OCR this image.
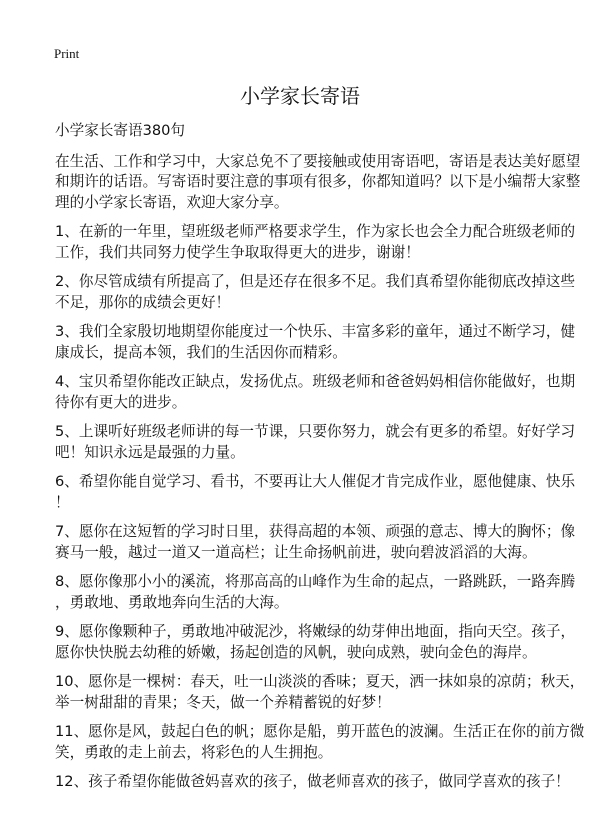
Print
小学家长寄语
小学家长寄语380句
在生活、工作和学习中，大家总免不了要接触或使用寄语吧，寄语是表达美好愿望
和期许的话语。写寄语时要注意的事项有很多，你都知道吗？以下是小编帮大家整
理的小学家长寄语，欢迎大家分享。
1、在新的一年里，望班级老师严格要求学生，作为家长也会全力配合班级老师的
工作，我们共同努力使学生争取取得更大的进步，谢谢！
2、你尽管成绩有所提高了，但是还存在很多不足。我们真希望你能彻底改掉这些
不足，那你的成绩会更好！
3、我们全家殷切地期望你能度过一个快乐、丰富多彩的童年，通过不断学习，健
康成长，提高本领，我们的生活因你而精彩。
4、宝贝希望你能改正缺点，发扬优点。班级老师和爸爸妈妈相信你能做好，也期
待你有更大的进步。
5、上课听好班级老师讲的每一节课，只要你努力，就会有更多的希望。好好学习
吧！知识永远是最强的力量。
6、希望你能自觉学习、看书，不要再让大人催促才肯完成作业，愿他健康、快乐
！
7、愿你在这短暂的学习时日里，获得高超的本领、顽强的意志、博大的胸怀；像
赛马一般，越过一道又一道高栏；让生命扬帆前进，驶向碧波滔滔的大海。
8、愿你像那小小的溪流，将那高高的山峰作为生命的起点，一路跳跃，一路奔腾
，勇敢地、勇敢地奔向生活的大海。
9、愿你像颗种子，勇敢地冲破泥沙，将嫩绿的幼芽伸出地面，指向天空。孩子，
愿你快快脱去幼稚的娇嫩，扬起创造的风帆，驶向成熟，驶向金色的海岸。
10、愿你是一棵树：春天，吐一山淡淡的香味；夏天，洒一抹如泉的凉荫；秋天，
举一树甜甜的青果；冬天，做一个养精蓄锐的好梦！
11、愿你是风，鼓起白色的帆；愿你是船，剪开蓝色的波澜。生活正在你的前方微
笑，勇敢的走上前去，将彩色的人生拥抱。
12、孩子希望你能做爸妈喜欢的孩子，做老师喜欢的孩子，做同学喜欢的孩子！
